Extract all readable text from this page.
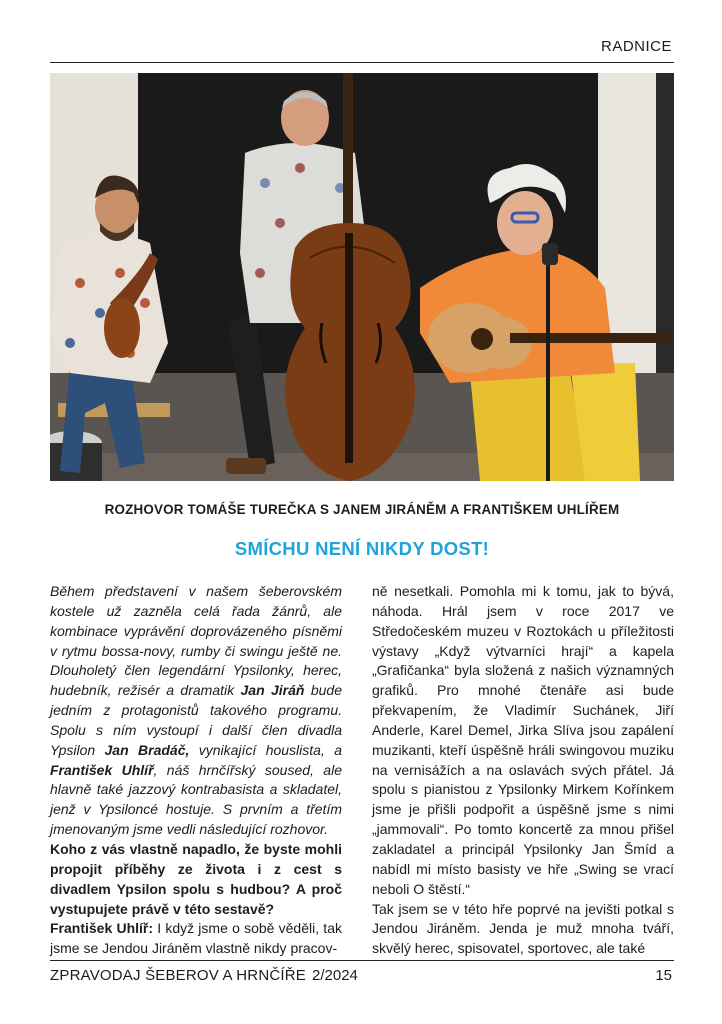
RADNICE
ROZHOVOR TOMÁŠE TUREČKA S JANEM JIRÁNĚM A FRANTIŠKEM UHLÍŘEM
SMÍCHU NENÍ NIKDY DOST!

Během představení v našem šeberovském kostele už zazněla celá řada žánrů, ale kombinace vyprávění doprovázeného písněmi v rytmu bossa-novy, rumby či swingu ještě ne. Dlouholetý člen legendární Ypsilonky, herec, hudebník, režisér a dramatik Jan Jiráň bude jedním z protagonistů takového programu. Spolu s ním vystoupí i další člen divadla Ypsilon Jan Bradáč, vynikající houslista, a František Uhlíř, náš hrnčířský soused, ale hlavně také jazzový kontrabasista a skladatel, jenž v Ypsiloncé hostuje. S prvním a třetím jmenovaným jsme vedli následující rozhovor.

Koho z vás vlastně napadlo, že byste mohli propojit příběhy ze života i z cest s divadlem Ypsilon spolu s hudbou? A proč vystupujete právě v této sestavě?

František Uhlíř: I když jsme o sobě věděli, tak jsme se Jendou Jiráněm vlastně nikdy pracov-

ně nesetkali. Pomohla mi k tomu, jak to bývá, náhoda. Hrál jsem v roce 2017 ve Středočeském muzeu v Roztokách u příležitosti výstavy „Když výtvarníci hrají“ a kapela „Grafičanka“ byla složená z našich významných grafiků. Pro mnohé čtenáře asi bude překvapením, že Vladimír Suchánek, Jiří Anderle, Karel Demel, Jirka Slíva jsou zapálení muzikanti, kteří úspěšně hráli swingovou muziku na vernisážích a na oslavách svých přátel. Já spolu s pianistou z Ypsilonky Mirkem Kořínkem jsme je přišli podpořit a úspěšně jsme s nimi „jammovali“. Po tomto koncertě za mnou přišel zakladatel a principál Ypsilonky Jan Šmíd a nabídl mi místo basisty ve hře „Swing se vrací neboli O štěstí.“

Tak jsem se v této hře poprvé na jevišti potkal s Jendou Jiráněm. Jenda je muž mnoha tváří, skvělý herec, spisovatel, sportovec, ale také

ZPRAVODAJ ŠEBEROV A HRNČÍŘE 2/2024	15
